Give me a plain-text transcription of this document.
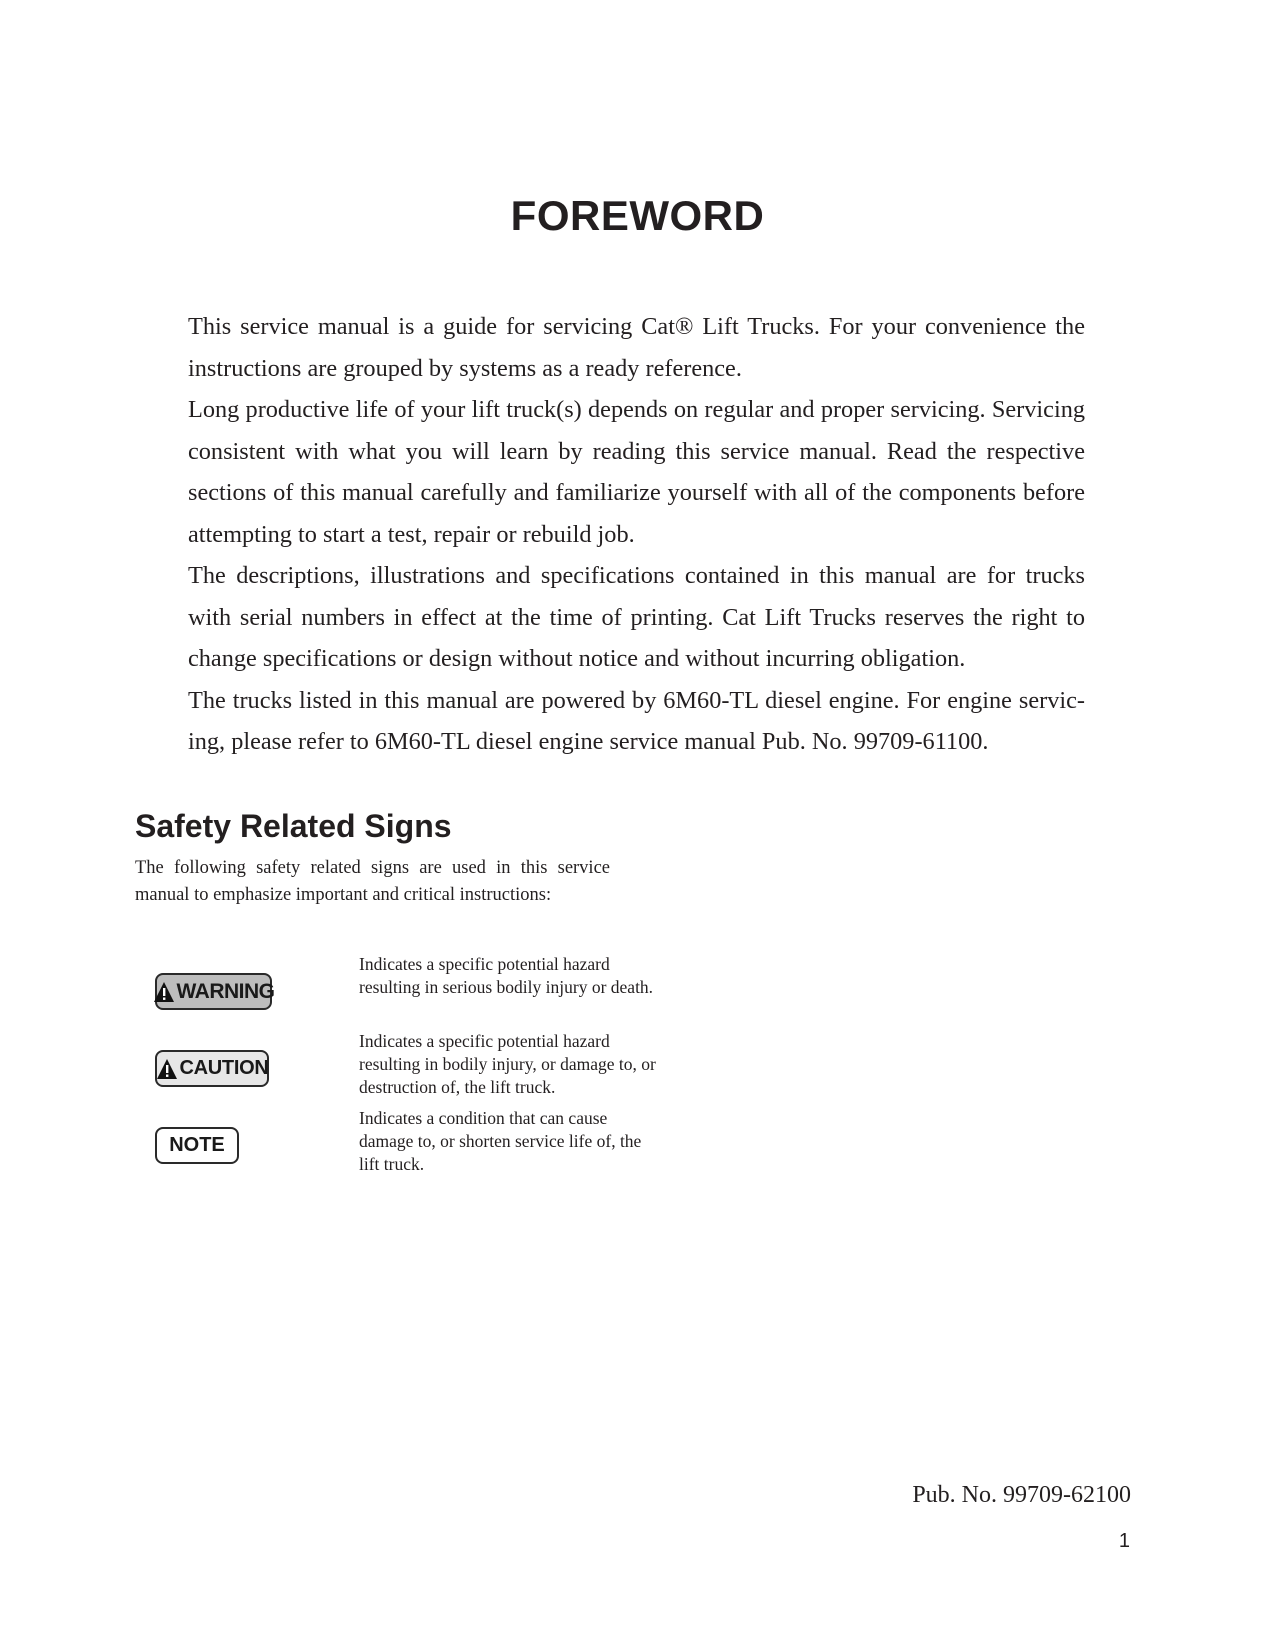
FOREWORD

This service manual is a guide for servicing Cat® Lift Trucks. For your convenience the instructions are grouped by systems as a ready reference.

Long productive life of your lift truck(s) depends on regular and proper servicing. Servicing consistent with what you will learn by reading this service manual. Read the respective sections of this manual carefully and familiarize yourself with all of the components before attempting to start a test, repair or rebuild job.

The descriptions, illustrations and specifications contained in this manual are for trucks with serial numbers in effect at the time of printing. Cat Lift Trucks reserves the right to change specifications or design without notice and without incurring obligation.

The trucks listed in this manual are powered by 6M60-TL diesel engine. For engine servicing, please refer to 6M60-TL diesel engine service manual Pub. No. 99709-61100.

Safety Related Signs
The following safety related signs are used in this service manual to emphasize important and critical instructions:
WARNING
Indicates a specific potential hazard resulting in serious bodily injury or death.
CAUTION
Indicates a specific potential hazard resulting in bodily injury, or damage to, or destruction of, the lift truck.
NOTE
Indicates a condition that can cause damage to, or shorten service life of, the lift truck.
Pub. No. 99709-62100
1
